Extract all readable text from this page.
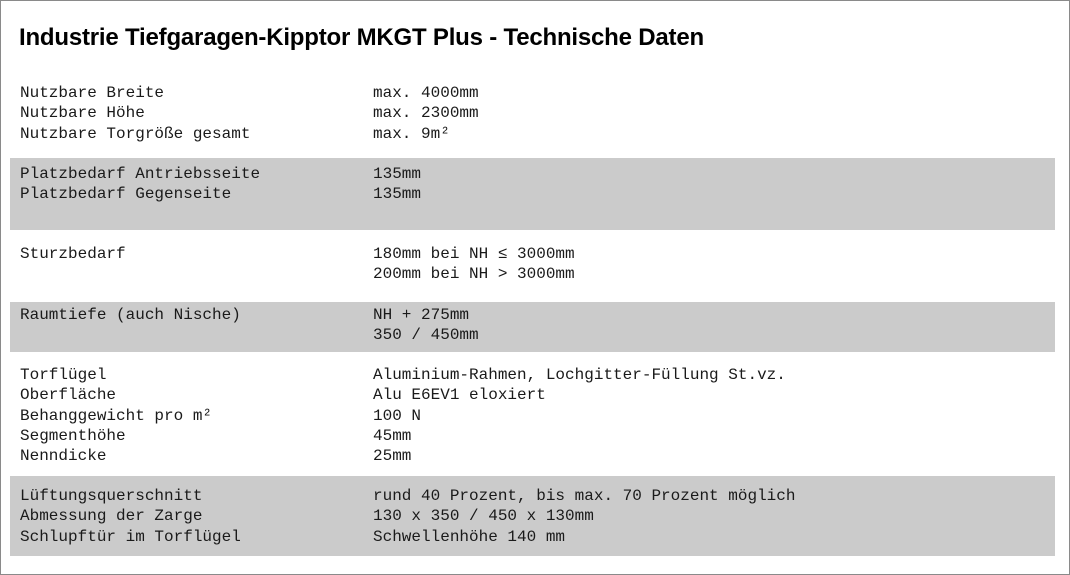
Industrie Tiefgaragen-Kipptor MKGT Plus - Technische Daten
Nutzbare Breite	max. 4000mm
Nutzbare Höhe	max. 2300mm
Nutzbare Torgröße gesamt	max. 9m²
Platzbedarf Antriebsseite	135mm
Platzbedarf Gegenseite	135mm
Sturzbedarf	180mm bei NH ≤ 3000mm
200mm bei NH > 3000mm
Raumtiefe (auch Nische)	NH + 275mm
350 / 450mm
Torflügel	Aluminium-Rahmen, Lochgitter-Füllung St.vz.
Oberfläche	Alu E6EV1 eloxiert
Behanggewicht pro m²	100 N
Segmenthöhe	45mm
Nenndicke	25mm
Lüftungsquerschnitt	rund 40 Prozent, bis max. 70 Prozent möglich
Abmessung der Zarge	130 x 350 / 450 x 130mm
Schlupftür im Torflügel	Schwellenhöhe 140 mm
